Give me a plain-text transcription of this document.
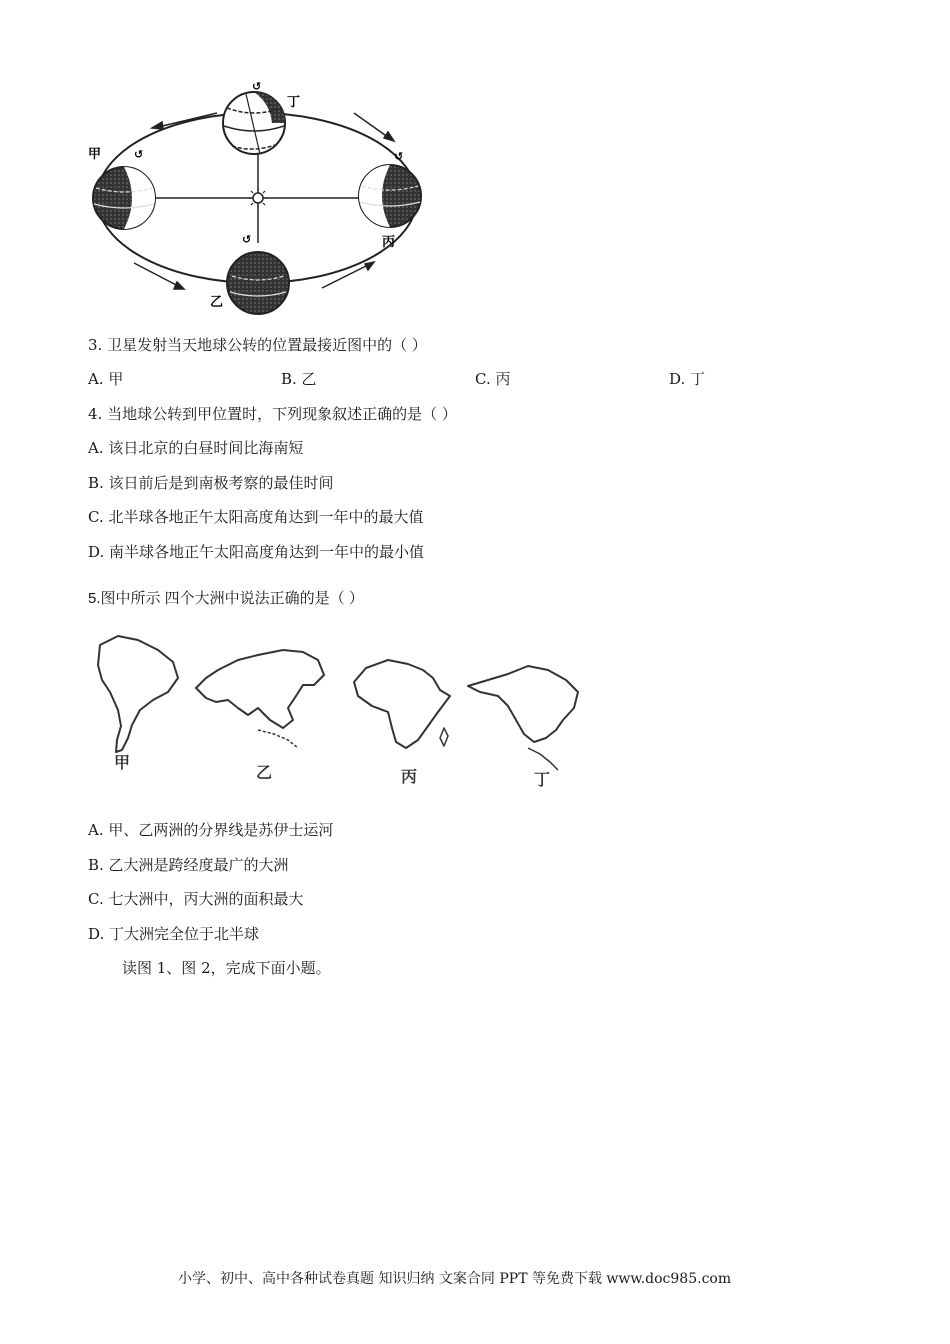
↺
↺	↺
↺
甲
丁
丙
乙
3. 卫星发射当天地球公转的位置最接近图中的（ ）
A. 甲	B. 乙	C. 丙	D. 丁
4. 当地球公转到甲位置时，下列现象叙述正确的是（ ）
A. 该日北京的白昼时间比海南短
B. 该日前后是到南极考察的最佳时间
C. 北半球各地正午太阳高度角达到一年中的最大值
D. 南半球各地正午太阳高度角达到一年中的最小值
5.图中所示 四个大洲中说法正确的是（ ）
甲
乙	丙	丁
A. 甲、乙两洲的分界线是苏伊士运河
B. 乙大洲是跨经度最广的大洲
C. 七大洲中，丙大洲的面积最大
D. 丁大洲完全位于北半球
读图 1、图 2，完成下面小题。
小学、初中、高中各种试卷真题 知识归纳 文案合同 PPT 等免费下载 www.doc985.com
